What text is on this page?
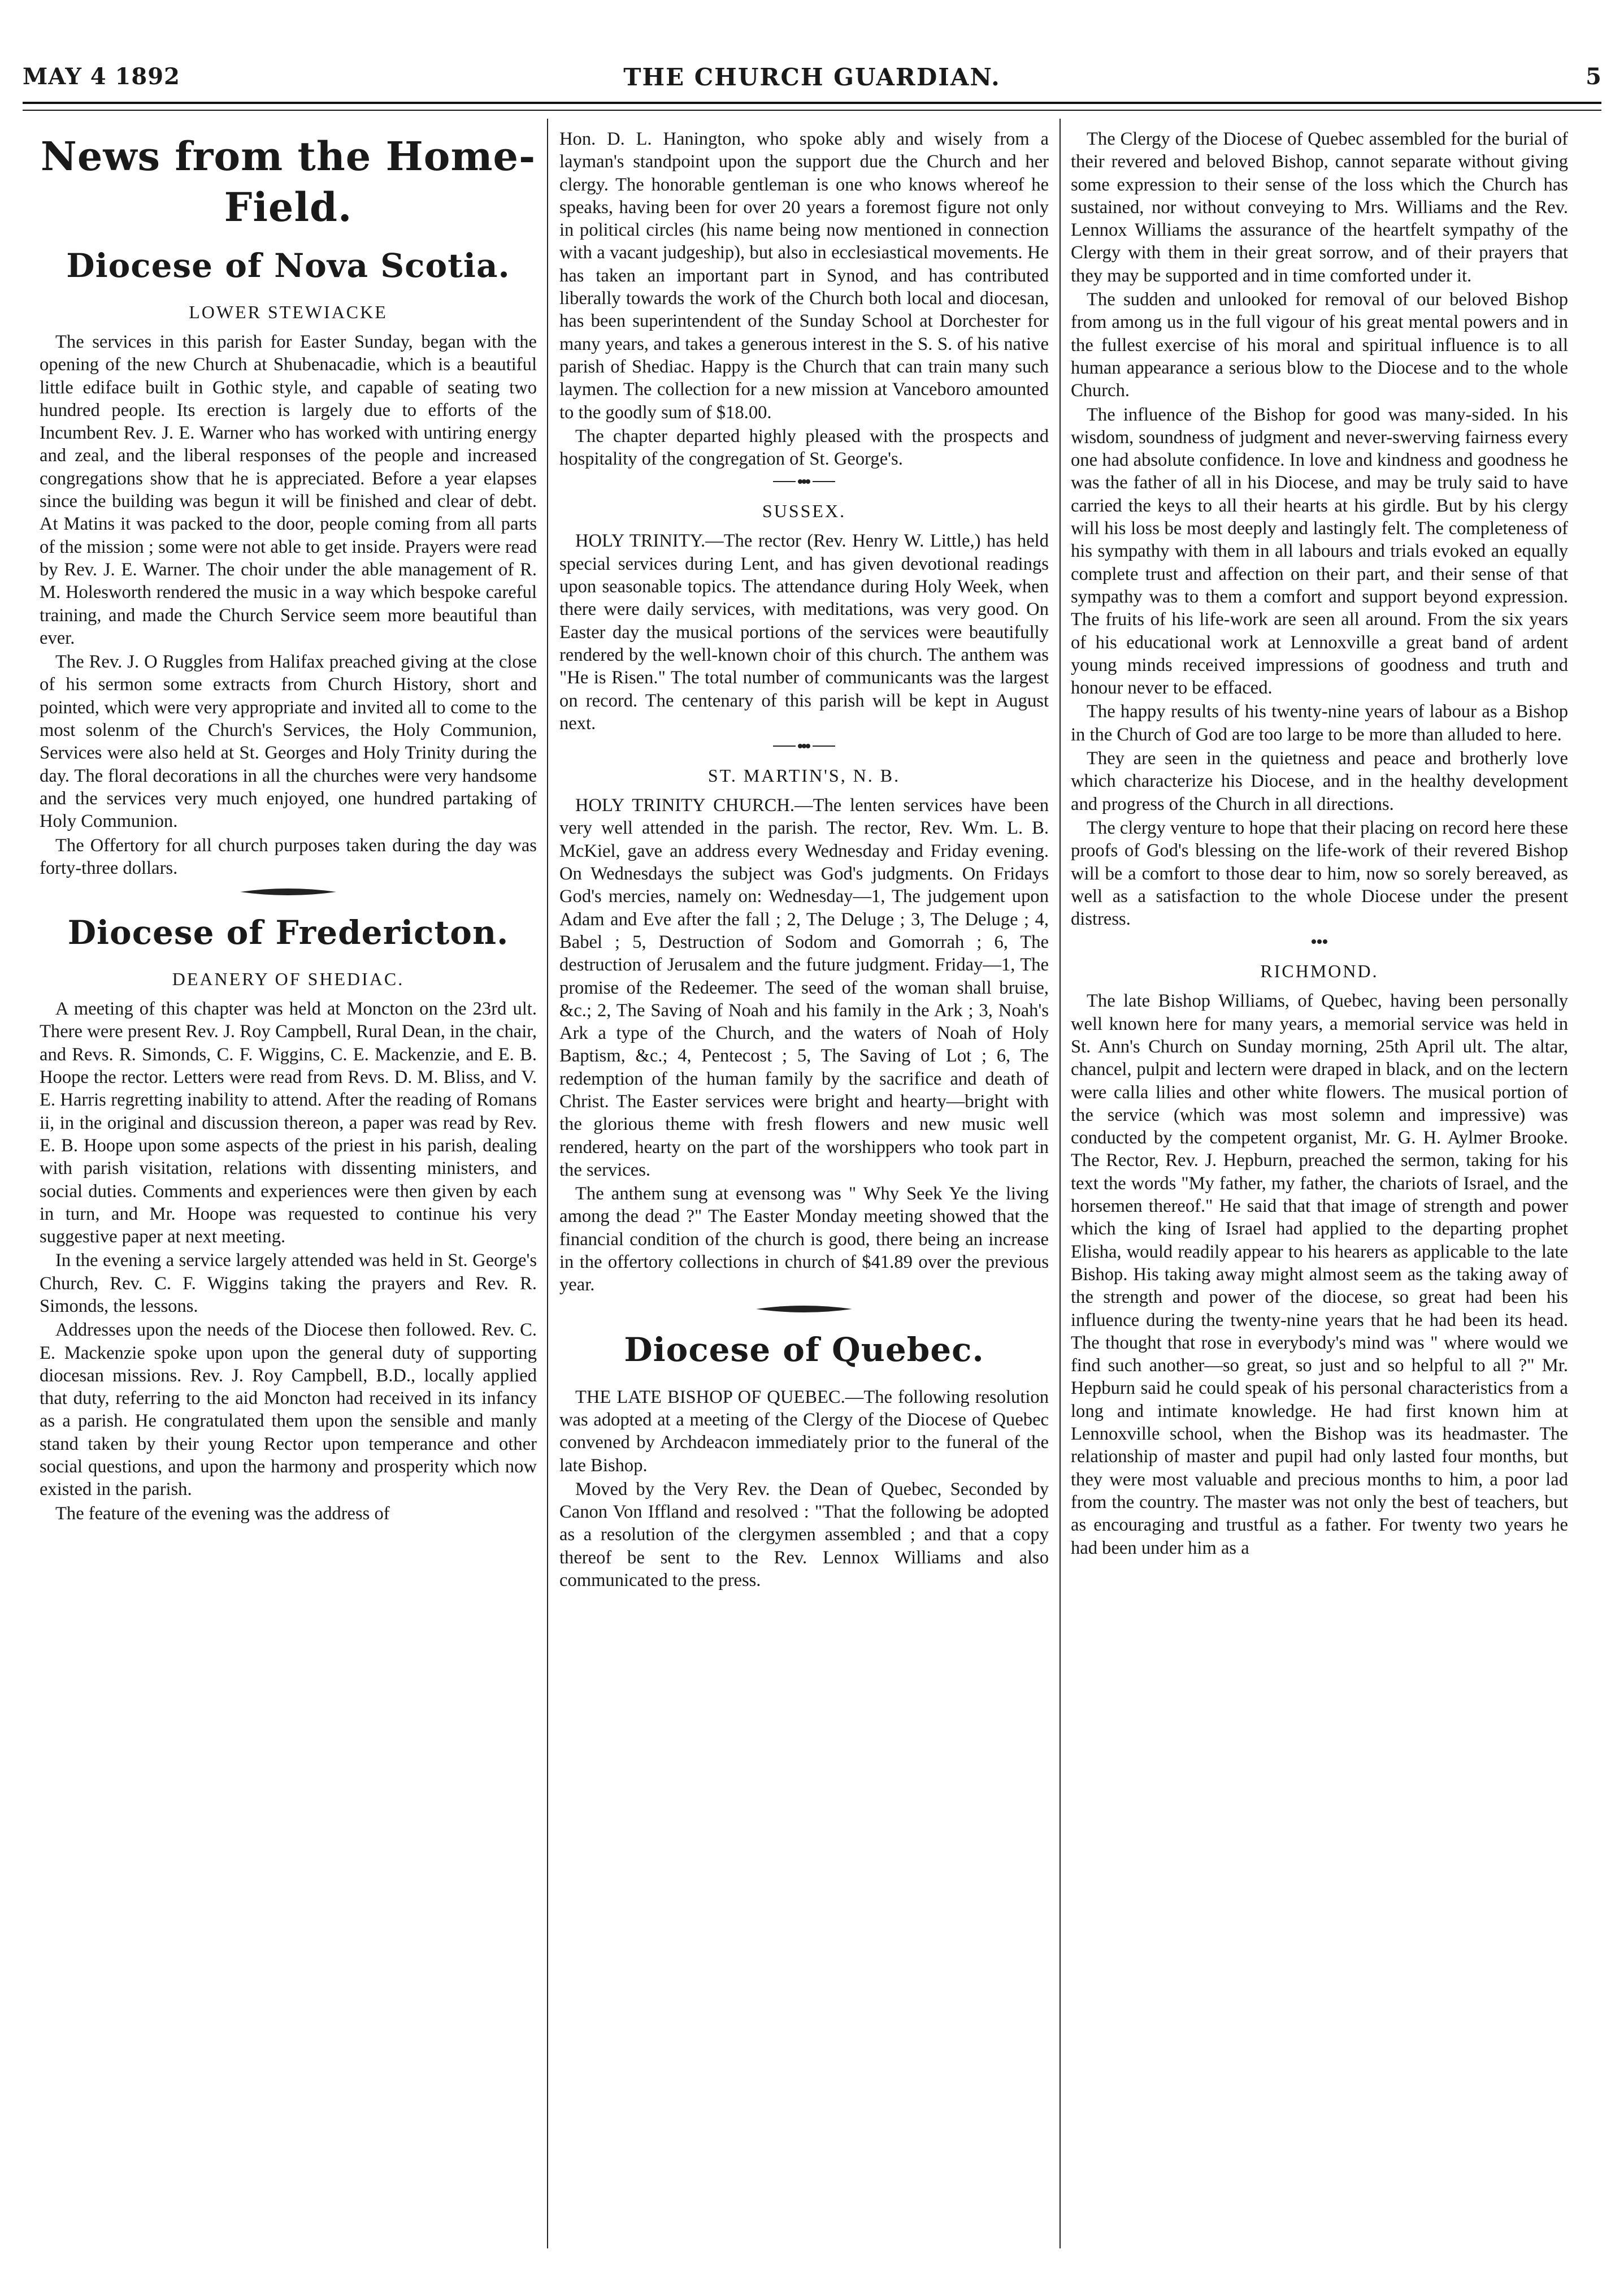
MAY 4 1892	THE CHURCH GUARDIAN.	5
News from the Home-Field.
Diocese of Nova Scotia.
LOWER STEWIACKE

The services in this parish for Easter Sunday, began with the opening of the new Church at Shubenacadie, which is a beautiful little ediface built in Gothic style, and capable of seating two hundred people. Its erection is largely due to efforts of the Incumbent Rev. J. E. Warner who has worked with untiring energy and zeal, and the liberal responses of the people and increased congregations show that he is appreciated. Before a year elapses since the building was begun it will be finished and clear of debt. At Matins it was packed to the door, people coming from all parts of the mission ; some were not able to get inside. Prayers were read by Rev. J. E. Warner. The choir under the able management of R. M. Holesworth rendered the music in a way which bespoke careful training, and made the Church Service seem more beautiful than ever.

The Rev. J. O Ruggles from Halifax preached giving at the close of his sermon some extracts from Church History, short and pointed, which were very appropriate and invited all to come to the most solenm of the Church's Services, the Holy Communion, Services were also held at St. Georges and Holy Trinity during the day. The floral decorations in all the churches were very handsome and the services very much enjoyed, one hundred partaking of Holy Communion.

The Offertory for all church purposes taken during the day was forty-three dollars.

Diocese of Fredericton.
DEANERY OF SHEDIAC.

A meeting of this chapter was held at Moncton on the 23rd ult. There were present Rev. J. Roy Campbell, Rural Dean, in the chair, and Revs. R. Simonds, C. F. Wiggins, C. E. Mackenzie, and E. B. Hoope the rector. Letters were read from Revs. D. M. Bliss, and V. E. Harris regretting inability to attend. After the reading of Romans ii, in the original and discussion thereon, a paper was read by Rev. E. B. Hoope upon some aspects of the priest in his parish, dealing with parish visitation, relations with dissenting ministers, and social duties. Comments and experiences were then given by each in turn, and Mr. Hoope was requested to continue his very suggestive paper at next meeting.

In the evening a service largely attended was held in St. George's Church, Rev. C. F. Wiggins taking the prayers and Rev. R. Simonds, the lessons.

Addresses upon the needs of the Diocese then followed. Rev. C. E. Mackenzie spoke upon upon the general duty of supporting diocesan missions. Rev. J. Roy Campbell, B.D., locally applied that duty, referring to the aid Moncton had received in its infancy as a parish. He congratulated them upon the sensible and manly stand taken by their young Rector upon temperance and other social questions, and upon the harmony and prosperity which now existed in the parish.

The feature of the evening was the address of

Hon. D. L. Hanington, who spoke ably and wisely from a layman's standpoint upon the support due the Church and her clergy. The honorable gentleman is one who knows whereof he speaks, having been for over 20 years a foremost figure not only in political circles (his name being now mentioned in connection with a vacant judgeship), but also in ecclesiastical movements. He has taken an important part in Synod, and has contributed liberally towards the work of the Church both local and diocesan, has been superintendent of the Sunday School at Dorchester for many years, and takes a generous interest in the S. S. of his native parish of Shediac. Happy is the Church that can train many such laymen. The collection for a new mission at Vanceboro amounted to the goodly sum of $18.00.

The chapter departed highly pleased with the prospects and hospitality of the congregation of St. George's.

SUSSEX.

HOLY TRINITY.—The rector (Rev. Henry W. Little,) has held special services during Lent, and has given devotional readings upon seasonable topics. The attendance during Holy Week, when there were daily services, with meditations, was very good. On Easter day the musical portions of the services were beautifully rendered by the well-known choir of this church. The anthem was "He is Risen." The total number of communicants was the largest on record. The centenary of this parish will be kept in August next.

ST. MARTIN'S, N. B.

HOLY TRINITY CHURCH.—The lenten services have been very well attended in the parish. The rector, Rev. Wm. L. B. McKiel, gave an address every Wednesday and Friday evening. On Wednesdays the subject was God's judgments. On Fridays God's mercies, namely on: Wednesday—1, The judgement upon Adam and Eve after the fall ; 2, The Deluge ; 3, The Deluge ; 4, Babel ; 5, Destruction of Sodom and Gomorrah ; 6, The destruction of Jerusalem and the future judgment. Friday—1, The promise of the Redeemer. The seed of the woman shall bruise, &c.; 2, The Saving of Noah and his family in the Ark ; 3, Noah's Ark a type of the Church, and the waters of Noah of Holy Baptism, &c.; 4, Pentecost ; 5, The Saving of Lot ; 6, The redemption of the human family by the sacrifice and death of Christ. The Easter services were bright and hearty—bright with the glorious theme with fresh flowers and new music well rendered, hearty on the part of the worshippers who took part in the services.

The anthem sung at evensong was " Why Seek Ye the living among the dead ?" The Easter Monday meeting showed that the financial condition of the church is good, there being an increase in the offertory collections in church of $41.89 over the previous year.

Diocese of Quebec.

THE LATE BISHOP OF QUEBEC.—The following resolution was adopted at a meeting of the Clergy of the Diocese of Quebec convened by Archdeacon immediately prior to the funeral of the late Bishop.

Moved by the Very Rev. the Dean of Quebec, Seconded by Canon Von Iffland and resolved : "That the following be adopted as a resolution of the clergymen assembled ; and that a copy thereof be sent to the Rev. Lennox Williams and also communicated to the press.

The Clergy of the Diocese of Quebec assembled for the burial of their revered and beloved Bishop, cannot separate without giving some expression to their sense of the loss which the Church has sustained, nor without conveying to Mrs. Williams and the Rev. Lennox Williams the assurance of the heartfelt sympathy of the Clergy with them in their great sorrow, and of their prayers that they may be supported and in time comforted under it.

The sudden and unlooked for removal of our beloved Bishop from among us in the full vigour of his great mental powers and in the fullest exercise of his moral and spiritual influence is to all human appearance a serious blow to the Diocese and to the whole Church.

The influence of the Bishop for good was many-sided. In his wisdom, soundness of judgment and never-swerving fairness every one had absolute confidence. In love and kindness and goodness he was the father of all in his Diocese, and may be truly said to have carried the keys to all their hearts at his girdle. But by his clergy will his loss be most deeply and lastingly felt. The completeness of his sympathy with them in all labours and trials evoked an equally complete trust and affection on their part, and their sense of that sympathy was to them a comfort and support beyond expression. The fruits of his life-work are seen all around. From the six years of his educational work at Lennoxville a great band of ardent young minds received impressions of goodness and truth and honour never to be effaced.

The happy results of his twenty-nine years of labour as a Bishop in the Church of God are too large to be more than alluded to here.

They are seen in the quietness and peace and brotherly love which characterize his Diocese, and in the healthy development and progress of the Church in all directions.

The clergy venture to hope that their placing on record here these proofs of God's blessing on the life-work of their revered Bishop will be a comfort to those dear to him, now so sorely bereaved, as well as a satisfaction to the whole Diocese under the present distress.

RICHMOND.

The late Bishop Williams, of Quebec, having been personally well known here for many years, a memorial service was held in St. Ann's Church on Sunday morning, 25th April ult. The altar, chancel, pulpit and lectern were draped in black, and on the lectern were calla lilies and other white flowers. The musical portion of the service (which was most solemn and impressive) was conducted by the competent organist, Mr. G. H. Aylmer Brooke. The Rector, Rev. J. Hepburn, preached the sermon, taking for his text the words "My father, my father, the chariots of Israel, and the horsemen thereof." He said that that image of strength and power which the king of Israel had applied to the departing prophet Elisha, would readily appear to his hearers as applicable to the late Bishop. His taking away might almost seem as the taking away of the strength and power of the diocese, so great had been his influence during the twenty-nine years that he had been its head. The thought that rose in everybody's mind was " where would we find such another—so great, so just and so helpful to all ?" Mr. Hepburn said he could speak of his personal characteristics from a long and intimate knowledge. He had first known him at Lennoxville school, when the Bishop was its headmaster. The relationship of master and pupil had only lasted four months, but they were most valuable and precious months to him, a poor lad from the country. The master was not only the best of teachers, but as encouraging and trustful as a father. For twenty two years he had been under him as a
